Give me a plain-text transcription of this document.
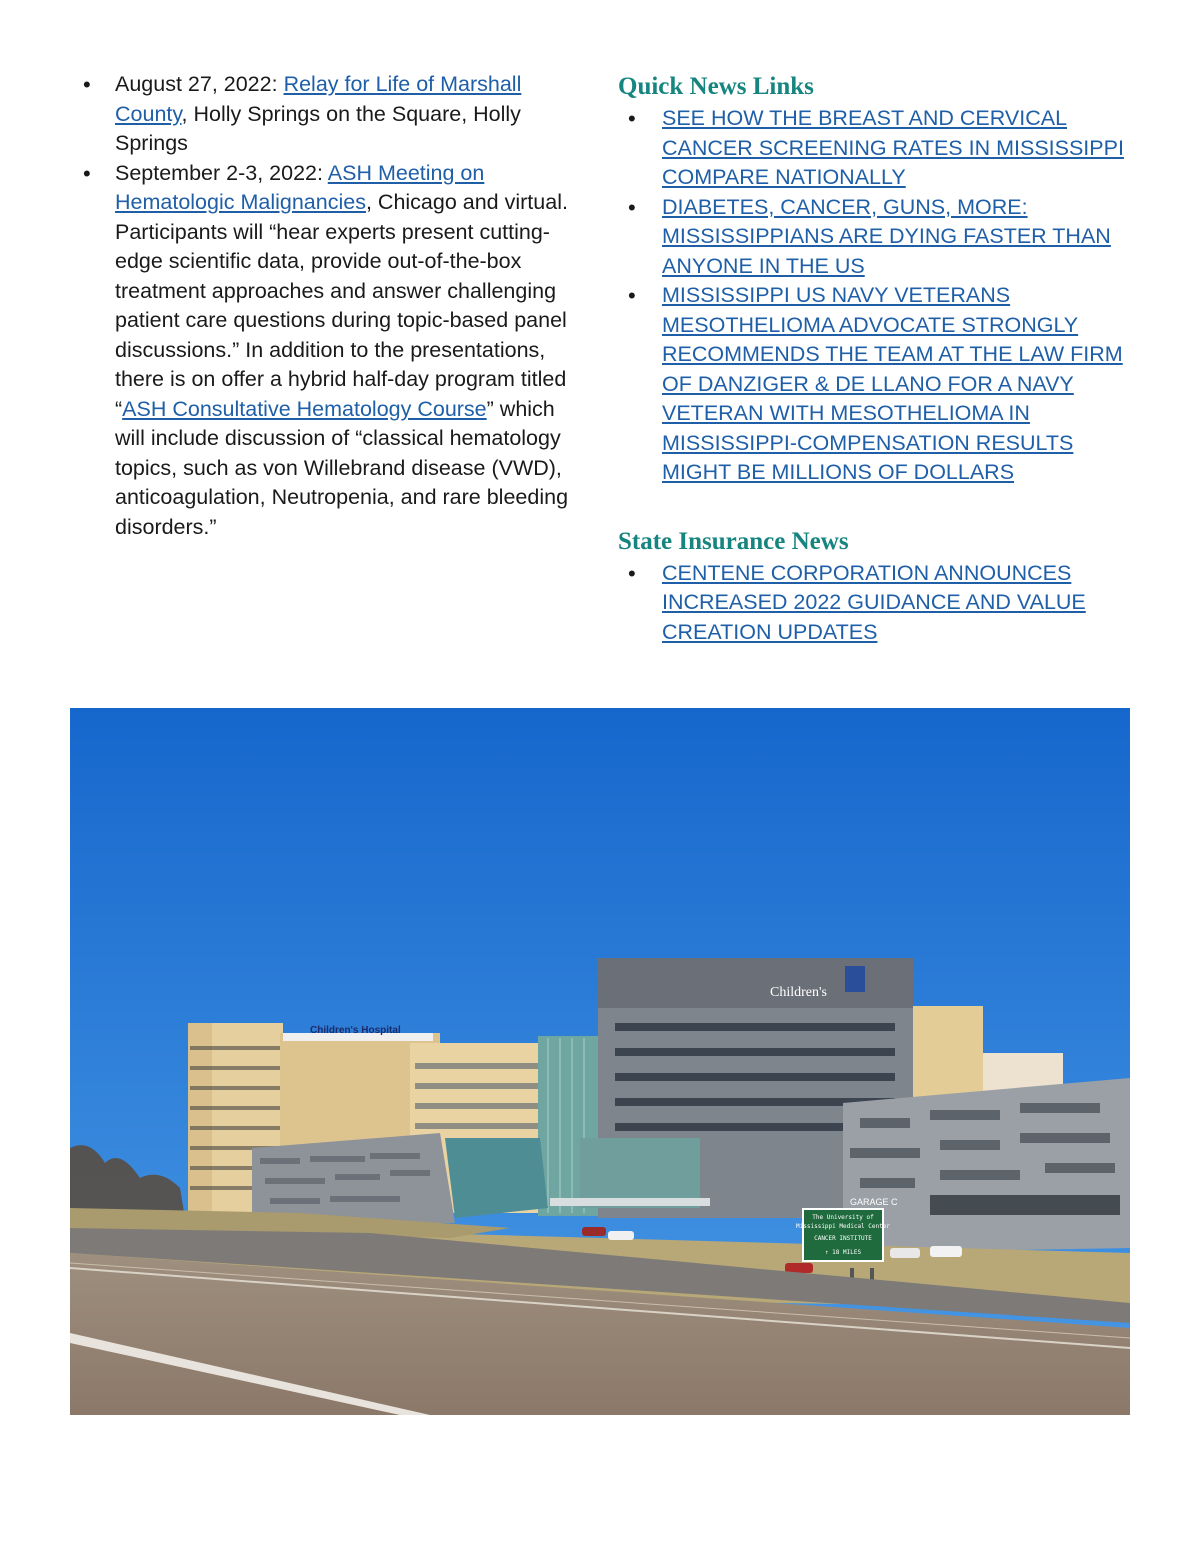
• August 27, 2022: Relay for Life of Marshall County, Holly Springs on the Square, Holly Springs
• September 2-3, 2022: ASH Meeting on Hematologic Malignancies, Chicago and virtual. Participants will “hear experts present cutting-edge scientific data, provide out-of-the-box treatment approaches and answer challenging patient care questions during topic-based panel discussions.” In addition to the presentations, there is on offer a hybrid half-day program titled “ASH Consultative Hematology Course” which will include discussion of “classical hematology topics, such as von Willebrand disease (VWD), anticoagulation, Neutropenia, and rare bleeding disorders.”
Quick News Links
• SEE HOW THE BREAST AND CERVICAL CANCER SCREENING RATES IN MISSISSIPPI COMPARE NATIONALLY
• DIABETES, CANCER, GUNS, MORE: MISSISSIPPIANS ARE DYING FASTER THAN ANYONE IN THE US
• MISSISSIPPI US NAVY VETERANS MESOTHELIOMA ADVOCATE STRONGLY RECOMMENDS THE TEAM AT THE LAW FIRM OF DANZIGER & DE LLANO FOR A NAVY VETERAN WITH MESOTHELIOMA IN MISSISSIPPI-COMPENSATION RESULTS MIGHT BE MILLIONS OF DOLLARS
State Insurance News
• CENTENE CORPORATION ANNOUNCES INCREASED 2022 GUIDANCE AND VALUE CREATION UPDATES
Children's Hospital
Children's
GARAGE C
The University of
Mississippi Medical Center
CANCER INSTITUTE
↑ 18 MILES
